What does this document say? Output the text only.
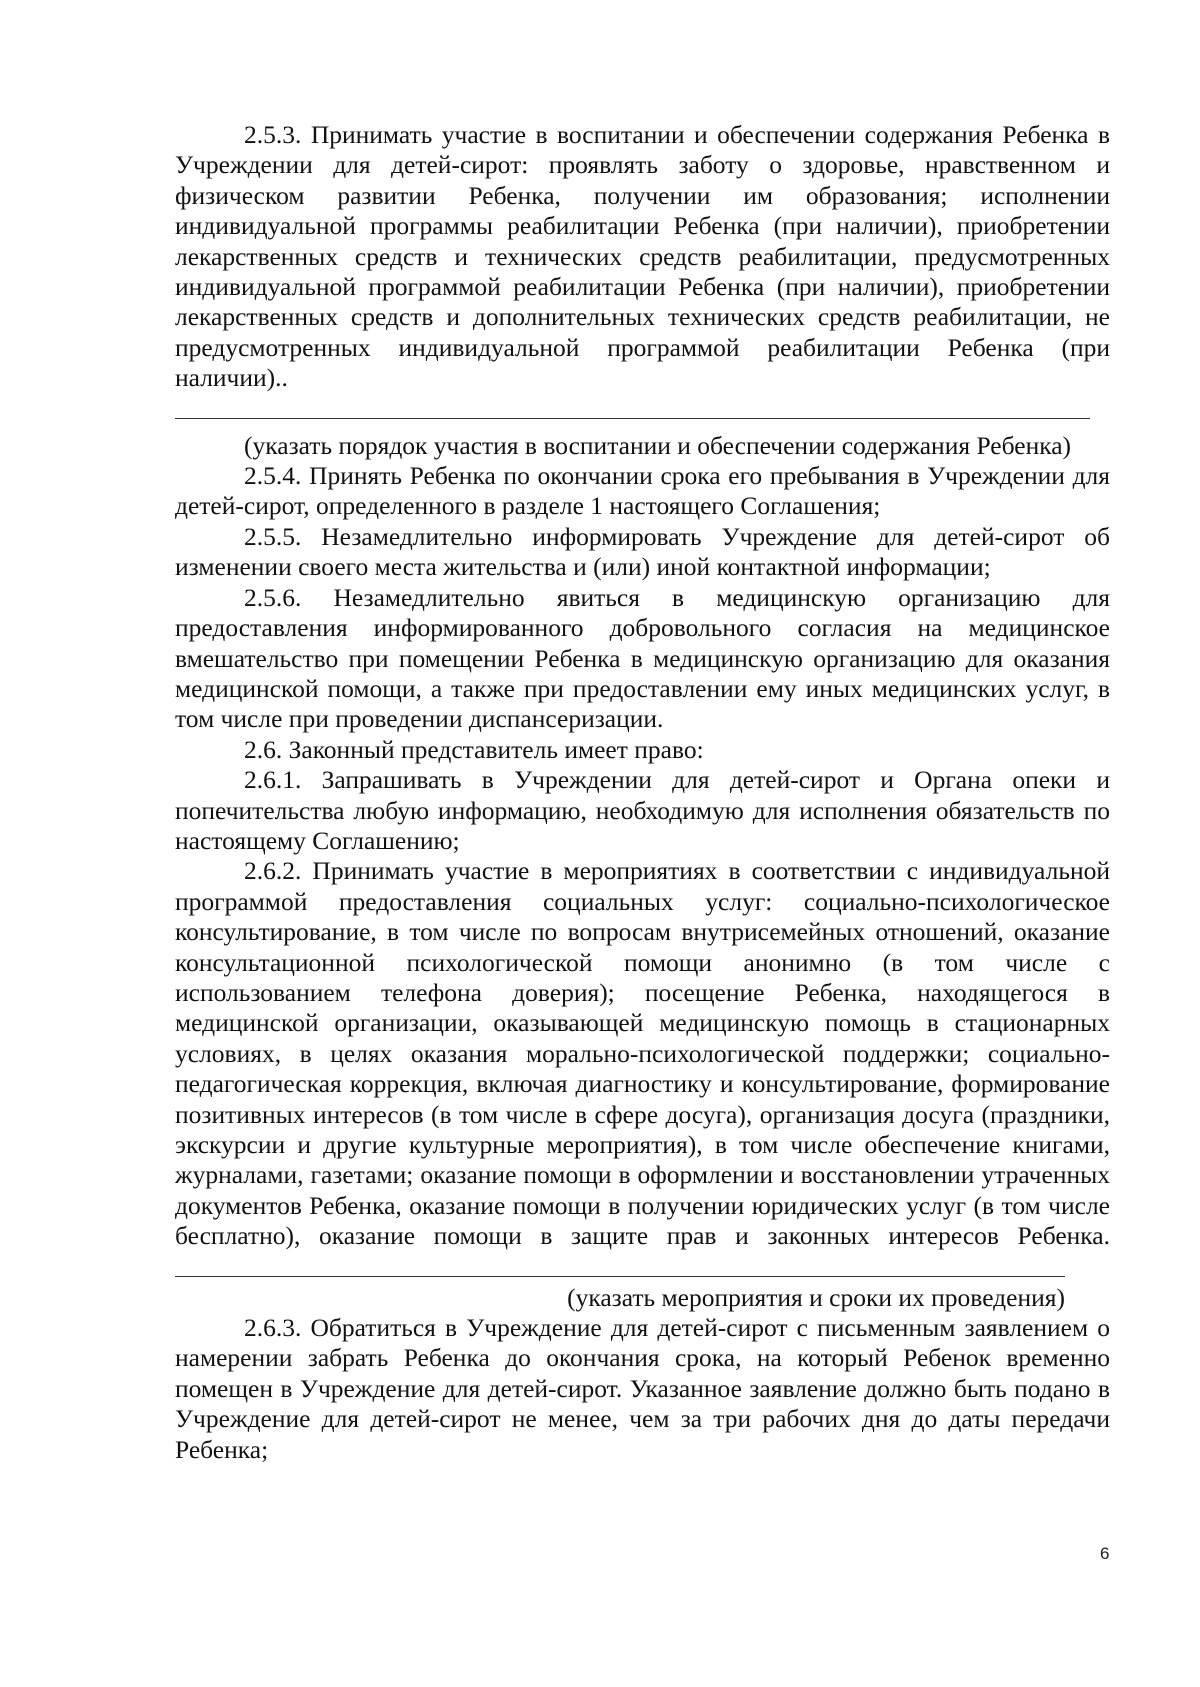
2.5.3. Принимать участие в воспитании и обеспечении содержания Ребенка в Учреждении для детей-сирот: проявлять заботу о здоровье, нравственном и физическом развитии Ребенка, получении им образования; исполнении индивидуальной программы реабилитации Ребенка (при наличии), приобретении лекарственных средств и технических средств реабилитации, предусмотренных индивидуальной программой реабилитации Ребенка (при наличии), приобретении лекарственных средств и дополнительных технических средств реабилитации, не предусмотренных индивидуальной программой реабилитации Ребенка (при наличии)..

(указать порядок участия в воспитании и обеспечении содержания Ребенка)

2.5.4. Принять Ребенка по окончании срока его пребывания в Учреждении для детей-сирот, определенного в разделе 1 настоящего Соглашения;

2.5.5. Незамедлительно информировать Учреждение для детей-сирот об изменении своего места жительства и (или) иной контактной информации;

2.5.6. Незамедлительно явиться в медицинскую организацию для предоставления информированного добровольного согласия на медицинское вмешательство при помещении Ребенка в медицинскую организацию для оказания медицинской помощи, а также при предоставлении ему иных медицинских услуг, в том числе при проведении диспансеризации.

2.6. Законный представитель имеет право:

2.6.1. Запрашивать в Учреждении для детей-сирот и Органа опеки и попечительства любую информацию, необходимую для исполнения обязательств по настоящему Соглашению;

2.6.2. Принимать участие в мероприятиях в соответствии с индивидуальной программой предоставления социальных услуг: социально-психологическое консультирование, в том числе по вопросам внутрисемейных отношений, оказание консультационной психологической помощи анонимно (в том числе с использованием телефона доверия); посещение Ребенка, находящегося в медицинской организации, оказывающей медицинскую помощь в стационарных условиях, в целях оказания морально-психологической поддержки; социально-педагогическая коррекция, включая диагностику и консультирование, формирование позитивных интересов (в том числе в сфере досуга), организация досуга (праздники, экскурсии и другие культурные мероприятия), в том числе обеспечение книгами, журналами, газетами; оказание помощи в оформлении и восстановлении утраченных документов Ребенка, оказание помощи в получении юридических услуг (в том числе бесплатно), оказание помощи в защите прав и законных интересов Ребенка.

(указать мероприятия и сроки их проведения)

2.6.3. Обратиться в Учреждение для детей-сирот с письменным заявлением о намерении забрать Ребенка до окончания срока, на который Ребенок временно помещен в Учреждение для детей-сирот. Указанное заявление должно быть подано в Учреждение для детей-сирот не менее, чем за три рабочих дня до даты передачи Ребенка;

6
